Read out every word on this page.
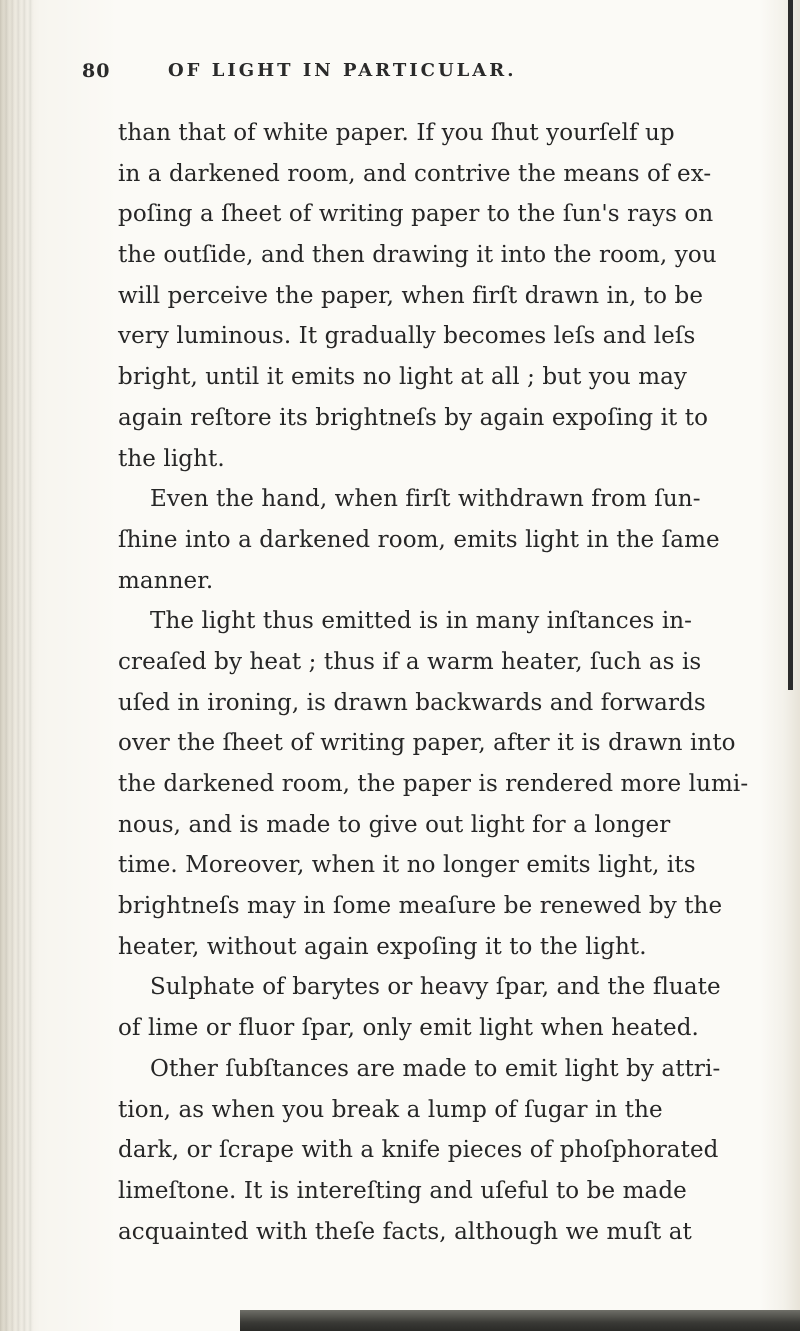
80	OF LIGHT IN PARTICULAR.
than that of white paper. If you ſhut yourſelf up
in a darkened room, and contrive the means of ex-
poſing a ſheet of writing paper to the ſun's rays on
the outſide, and then drawing it into the room, you
will perceive the paper, when firſt drawn in, to be
very luminous. It gradually becomes leſs and leſs
bright, until it emits no light at all ; but you may
again reſtore its brightneſs by again expoſing it to
the light.
Even the hand, when firſt withdrawn from ſun-
ſhine into a darkened room, emits light in the ſame
manner.
The light thus emitted is in many inſtances in-
creaſed by heat ; thus if a warm heater, ſuch as is
uſed in ironing, is drawn backwards and forwards
over the ſheet of writing paper, after it is drawn into
the darkened room, the paper is rendered more lumi-
nous, and is made to give out light for a longer
time. Moreover, when it no longer emits light, its
brightneſs may in ſome meaſure be renewed by the
heater, without again expoſing it to the light.
Sulphate of barytes or heavy ſpar, and the fluate
of lime or fluor ſpar, only emit light when heated.
Other ſubſtances are made to emit light by attri-
tion, as when you break a lump of ſugar in the
dark, or ſcrape with a knife pieces of phoſphorated
limeſtone. It is intereſting and uſeful to be made
acquainted with theſe facts, although we muſt at
